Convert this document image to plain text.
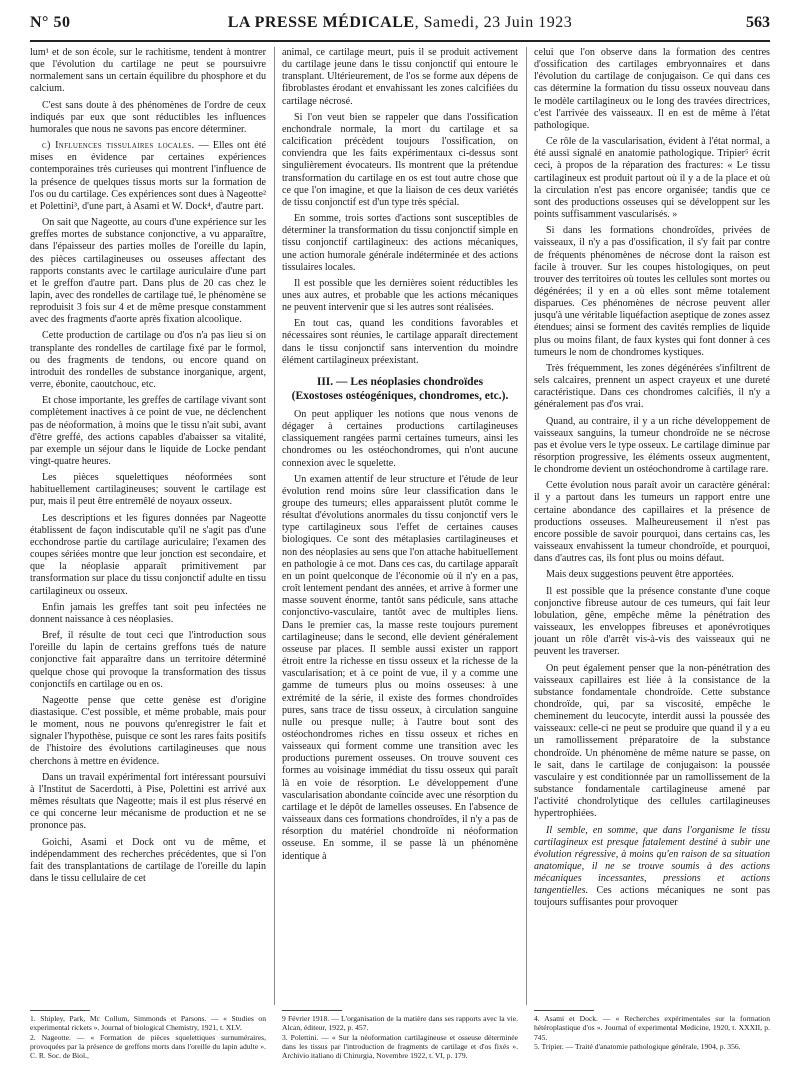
N° 50	LA PRESSE MÉDICALE, Samedi, 23 Juin 1923	563

lum¹ et de son école, sur le rachitisme, tendent à montrer que l'évolution du cartilage ne peut se poursuivre normalement sans un certain équilibre du phosphore et du calcium.

C'est sans doute à des phénomènes de l'ordre de ceux indiqués par eux que sont réductibles les influences humorales que nous ne savons pas encore déterminer.

c) Influences tissulaires locales. — Elles ont été mises en évidence par certaines expériences contemporaines très curieuses qui montrent l'influence de la présence de quelques tissus morts sur la formation de l'os ou du cartilage. Ces expériences sont dues à Nageotte² et Polettini³, d'une part, à Asami et W. Dock⁴, d'autre part.

On sait que Nageotte, au cours d'une expérience sur les greffes mortes de substance conjonctive, a vu apparaître, dans l'épaisseur des parties molles de l'oreille du lapin, des pièces cartilagineuses ou osseuses affectant des rapports constants avec le cartilage auriculaire d'une part et le greffon d'autre part. Dans plus de 20 cas chez le lapin, avec des rondelles de cartilage tué, le phénomène se reproduisit 3 fois sur 4 et de même presque constamment avec des fragments d'aorte après fixation alcoolique.

Cette production de cartilage ou d'os n'a pas lieu si on transplante des rondelles de cartilage fixé par le formol, ou des fragments de tendons, ou encore quand on introduit des rondelles de substance inorganique, argent, verre, ébonite, caoutchouc, etc.

Et chose importante, les greffes de cartilage vivant sont complètement inactives à ce point de vue, ne déclenchent pas de néoformation, à moins que le tissu n'ait subi, avant d'être greffé, des actions capables d'abaisser sa vitalité, par exemple un séjour dans le liquide de Locke pendant vingt-quatre heures.

Les pièces squelettiques néoformées sont habituellement cartilagineuses; souvent le cartilage est pur, mais il peut être entremêlé de noyaux osseux.

Les descriptions et les figures données par Nageotte établissent de façon indiscutable qu'il ne s'agit pas d'une ecchondrose partie du cartilage auriculaire; l'examen des coupes sériées montre que leur jonction est secondaire, et que la néoplasie apparaît primitivement par transformation sur place du tissu conjonctif adulte en tissu cartilagineux ou osseux.

Enfin jamais les greffes tant soit peu infectées ne donnent naissance à ces néoplasies.

Bref, il résulte de tout ceci que l'introduction sous l'oreille du lapin de certains greffons tués de nature conjonctive fait apparaître dans un territoire déterminé quelque chose qui provoque la transformation des tissus conjonctifs en cartilage ou en os.

Nageotte pense que cette genèse est d'origine diastasique. C'est possible, et même probable, mais pour le moment, nous ne pouvons qu'enregistrer le fait et signaler l'hypothèse, puisque ce sont les rares faits positifs de l'histoire des évolutions cartilagineuses que nous cherchons à mettre en évidence.

Dans un travail expérimental fort intéressant poursuivi à l'Institut de Sacerdotti, à Pise, Polettini est arrivé aux mêmes résultats que Nageotte; mais il est plus réservé en ce qui concerne leur mécanisme de production et ne se prononce pas.

Goichi, Asami et Dock ont vu de même, et indépendamment des recherches précédentes, que si l'on fait des transplantations de cartilage de l'oreille du lapin dans le tissu cellulaire de cet

animal, ce cartilage meurt, puis il se produit activement du cartilage jeune dans le tissu conjonctif qui entoure le transplant. Ultérieurement, de l'os se forme aux dépens de fibroblastes érodant et envahissant les zones calcifiées du cartilage nécrosé.

Si l'on veut bien se rappeler que dans l'ossification enchondrale normale, la mort du cartilage et sa calcification précèdent toujours l'ossification, on conviendra que les faits expérimentaux ci-dessus sont singulièrement évocateurs. Ils montrent que la prétendue transformation du cartilage en os est tout autre chose que ce que l'on imagine, et que la liaison de ces deux variétés de tissu conjonctif est d'un type très spécial.

En somme, trois sortes d'actions sont susceptibles de déterminer la transformation du tissu conjonctif simple en tissu conjonctif cartilagineux: des actions mécaniques, une action humorale générale indéterminée et des actions tissulaires locales.

Il est possible que les dernières soient réductibles les unes aux autres, et probable que les actions mécaniques ne peuvent intervenir que si les autres sont réalisées.

En tout cas, quand les conditions favorables et nécessaires sont réunies, le cartilage apparaît directement dans le tissu conjonctif sans intervention du moindre élément cartilagineux préexistant.

III. — Les néoplasies chondroïdes
(Exostoses ostéogéniques, chondromes, etc.).

On peut appliquer les notions que nous venons de dégager à certaines productions cartilagineuses classiquement rangées parmi certaines tumeurs, ainsi les chondromes ou les ostéochondromes, qui n'ont aucune connexion avec le squelette.

Un examen attentif de leur structure et l'étude de leur évolution rend moins sûre leur classification dans le groupe des tumeurs; elles apparaissent plutôt comme le résultat d'évolutions anormales du tissu conjonctif vers le type cartilagineux sous l'effet de certaines causes biologiques. Ce sont des métaplasies cartilagineuses et non des néoplasies au sens que l'on attache habituellement en pathologie à ce mot. Dans ces cas, du cartilage apparaît en un point quelconque de l'économie où il n'y en a pas, croît lentement pendant des années, et arrive à former une masse souvent énorme, tantôt sans pédicule, sans attache conjonctivo-vasculaire, tantôt avec de multiples liens. Dans le premier cas, la masse reste toujours purement cartilagineuse; dans le second, elle devient généralement osseuse par places. Il semble aussi exister un rapport étroit entre la richesse en tissu osseux et la richesse de la vascularisation; et à ce point de vue, il y a comme une gamme de tumeurs plus ou moins osseuses: à une extrémité de la série, il existe des formes chondroïdes pures, sans trace de tissu osseux, à circulation sanguine nulle ou presque nulle; à l'autre bout sont des ostéochondromes riches en tissu osseux et riches en vaisseaux qui forment comme une transition avec les productions purement osseuses. On trouve souvent ces formes au voisinage immédiat du tissu osseux qui paraît là en voie de résorption. Le développement d'une vascularisation abondante coïncide avec une résorption du cartilage et le dépôt de lamelles osseuses. En l'absence de vaisseaux dans ces formations chondroïdes, il n'y a pas de résorption du matériel chondroïde ni néoformation osseuse. En somme, il se passe là un phénomène identique à

celui que l'on observe dans la formation des centres d'ossification des cartilages embryonnaires et dans l'évolution du cartilage de conjugaison. Ce qui dans ces cas détermine la formation du tissu osseux nouveau dans le modèle cartilagineux ou le long des travées directrices, c'est l'arrivée des vaisseaux. Il en est de même à l'état pathologique.

Ce rôle de la vascularisation, évident à l'état normal, a été aussi signalé en anatomie pathologique. Tripier⁵ écrit ceci, à propos de la réparation des fractures: « Le tissu cartilagineux est produit partout où il y a de la place et où la circulation n'est pas encore organisée; tandis que ce sont des productions osseuses qui se développent sur les points suffisamment vascularisés. »

Si dans les formations chondroïdes, privées de vaisseaux, il n'y a pas d'ossification, il s'y fait par contre de fréquents phénomènes de nécrose dont la raison est facile à trouver. Sur les coupes histologiques, on peut trouver des territoires où toutes les cellules sont mortes ou dégénérées; il y en a où elles sont même totalement disparues. Ces phénomènes de nécrose peuvent aller jusqu'à une véritable liquéfaction aseptique de zones assez étendues; ainsi se forment des cavités remplies de liquide plus ou moins filant, de faux kystes qui font donner à ces tumeurs le nom de chondromes kystiques.

Très fréquemment, les zones dégénérées s'infiltrent de sels calcaires, prennent un aspect crayeux et une dureté caractéristique. Dans ces chondromes calcifiés, il n'y a généralement pas d'os vrai.

Quand, au contraire, il y a un riche développement de vaisseaux sanguins, la tumeur chondroïde ne se nécrose pas et évolue vers le type osseux. Le cartilage diminue par résorption progressive, les éléments osseux augmentent, le chondrome devient un ostéochondrome à cartilage rare.

Cette évolution nous paraît avoir un caractère général: il y a partout dans les tumeurs un rapport entre une certaine abondance des capillaires et la présence de productions osseuses. Malheureusement il n'est pas encore possible de savoir pourquoi, dans certains cas, les vaisseaux envahissent la tumeur chondroïde, et pourquoi, dans d'autres cas, ils font plus ou moins défaut.

Mais deux suggestions peuvent être apportées.

Il est possible que la présence constante d'une coque conjonctive fibreuse autour de ces tumeurs, qui fait leur lobulation, gêne, empêche même la pénétration des vaisseaux, les enveloppes fibreuses et aponévrotiques jouant un rôle d'arrêt vis-à-vis des vaisseaux qui ne peuvent les traverser.

On peut également penser que la non-pénétration des vaisseaux capillaires est liée à la consistance de la substance fondamentale chondroïde. Cette substance chondroïde, qui, par sa viscosité, empêche le cheminement du leucocyte, interdit aussi la poussée des vaisseaux: celle-ci ne peut se produire que quand il y a eu un ramollissement préparatoire de la substance chondroïde. Un phénomène de même nature se passe, on le sait, dans le cartilage de conjugaison: la poussée vasculaire y est conditionnée par un ramollissement de la substance fondamentale cartilagineuse amené par l'activité chondrolytique des cellules cartilagineuses hypertrophiées.

Il semble, en somme, que dans l'organisme le tissu cartilagineux est presque fatalement destiné à subir une évolution régressive, à moins qu'en raison de sa situation anatomique, il ne se trouve soumis à des actions mécaniques incessantes, pressions et actions tangentielles. Ces actions mécaniques ne sont pas toujours suffisantes pour provoquer

1. Shipley, Park, Mc Collum, Simmonds et Parsons. — « Studies on experimental rickets ». Journal of biological Chemistry, 1921, t. XLV.

2. Nageotte. — « Formation de pièces squelettiques surnuméraires, provoquées par la présence de greffons morts dans l'oreille du lapin adulte ». C. R. Soc. de Biol.,

9 Février 1918. — L'organisation de la matière dans ses rapports avec la vie. Alcan, éditeur, 1922, p. 457.

3. Polettini. — « Sur la néoformation cartilagineuse et osseuse déterminée dans les tissus par l'introduction de fragments de cartilage et d'os fixés ». Archivio italiano di Chirurgia, Novembre 1922, t. VI, p. 179.

4. Asami et Dock. — « Recherches expérimentales sur la formation hétéroplastique d'os ». Journal of experimental Medicine, 1920, t. XXXII, p. 745.

5. Tripier. — Traité d'anatomie pathologique générale, 1904, p. 356.
